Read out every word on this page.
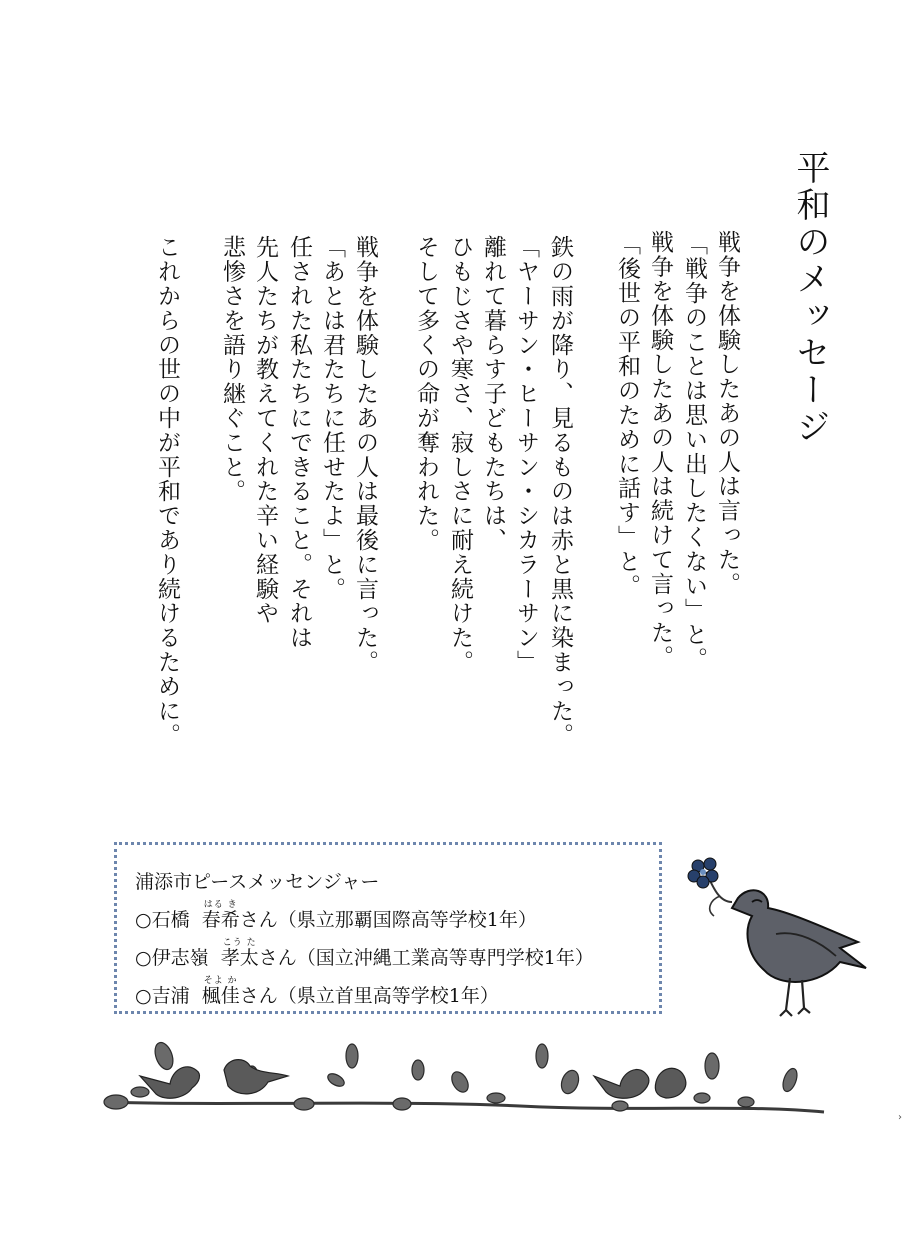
平和のメッセージ
戦争を体験したあの人は言った。
「戦争のことは思い出したくない」と。
戦争を体験したあの人は続けて言った。
「後世の平和のために話す」と。
鉄の雨が降り、見るものは赤と黒に染まった。
「ヤーサン・ヒーサン・シカラーサン」
離れて暮らす子どもたちは、
ひもじさや寒さ、寂しさに耐え続けた。
そして多くの命が奪われた。
戦争を体験したあの人は最後に言った。
「あとは君たちに任せたよ」と。
任された私たちにできること。それは
先人たちが教えてくれた辛い経験や
悲惨さを語り継ぐこと。
これからの世の中が平和であり続けるために。
浦添市ピースメッセンジャー
○石橋
はる き
春希さん（県立那覇国際高等学校1年）
○伊志嶺
こう た
孝太さん（国立沖縄工業高等専門学校1年）
○吉浦
そよ か
楓佳さん（県立首里高等学校1年）
›
